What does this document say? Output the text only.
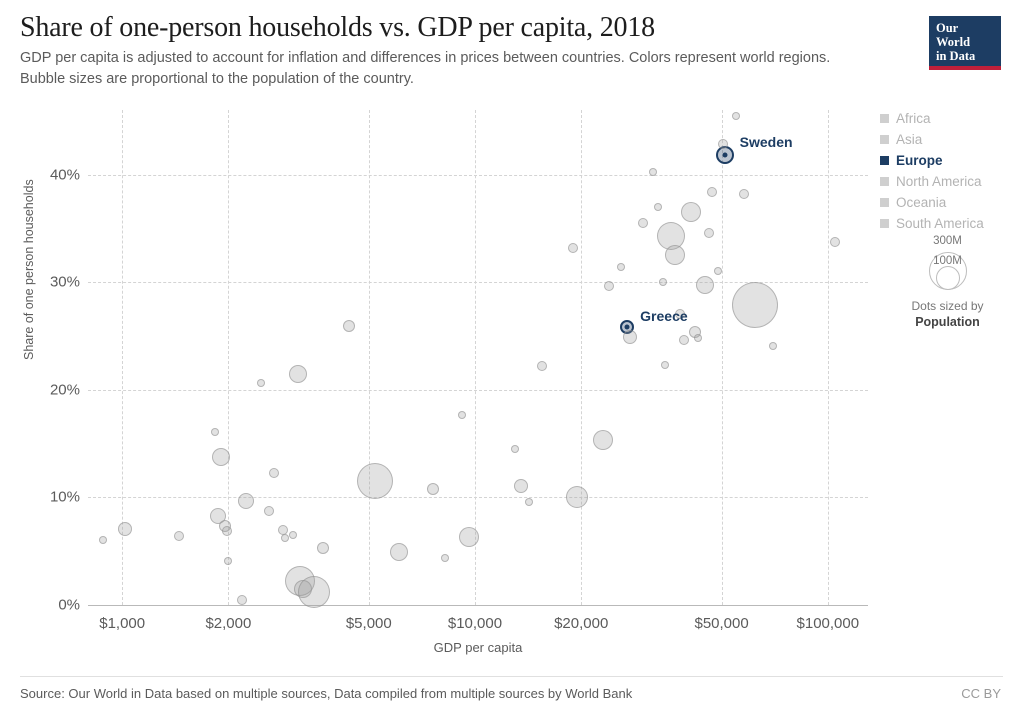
Share of one-person households vs. GDP per capita, 2018
GDP per capita is adjusted to account for inflation and differences in prices between countries. Colors represent world regions. Bubble sizes are proportional to the population of the country.
Our World
in Data
$1,000	$2,000	$5,000	$10,000	$20,000	$50,000	$100,000
0%
10%
20%
30%
40%
Sweden
Greece
Share of one person households
GDP per capita
Africa
Asia
Europe
North America
Oceania
South America
300M
100M
Dots sized by
Population
Source: Our World in Data based on multiple sources, Data compiled from multiple sources by World Bank	CC BY
